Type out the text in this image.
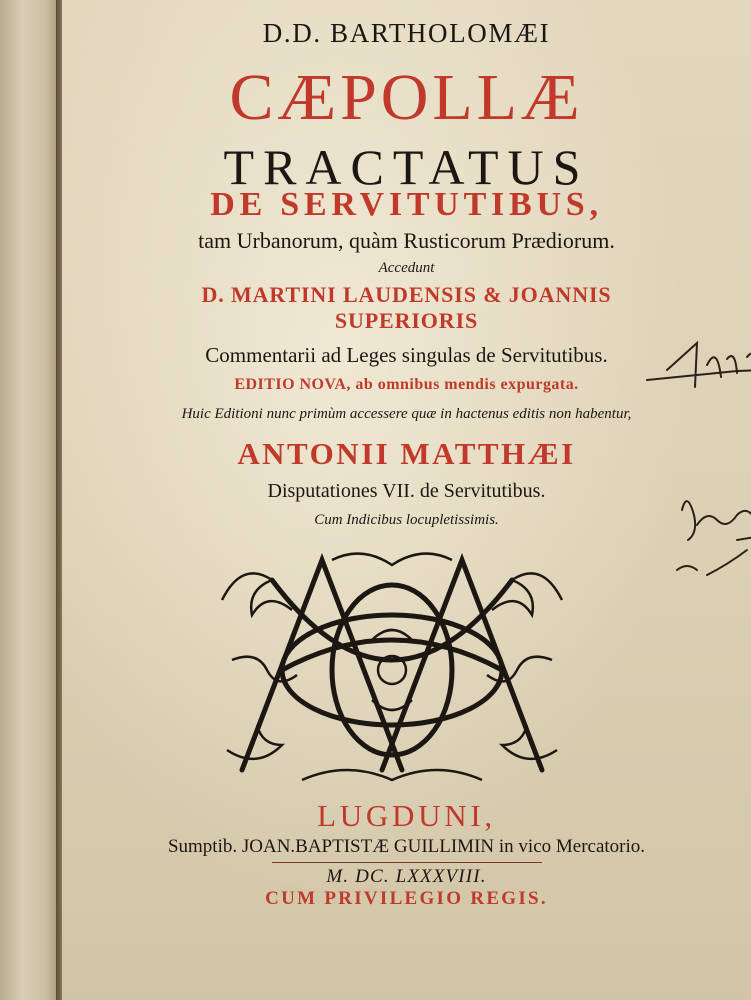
D.D. BARTHOLOMÆI
CÆPOLLÆ
TRACTATUS
DE SERVITUTIBUS,
tam Urbanorum, quàm Rusticorum Prædiorum.
Accedunt
D. MARTINI LAUDENSIS & JOANNIS
SUPERIORIS
Commentarii ad Leges singulas de Servitutibus.
EDITIO NOVA, ab omnibus mendis expurgata.
Huic Editioni nunc primùm accessere quæ in hactenus editis non habentur,
ANTONII MATTHÆI
Disputationes VII. de Servitutibus.
Cum Indicibus locupletissimis.
LUGDUNI,
Sumptib. JOAN.BAPTISTÆ GUILLIMIN in vico Mercatorio.
M. DC. LXXXVIII.
CUM PRIVILEGIO REGIS.
